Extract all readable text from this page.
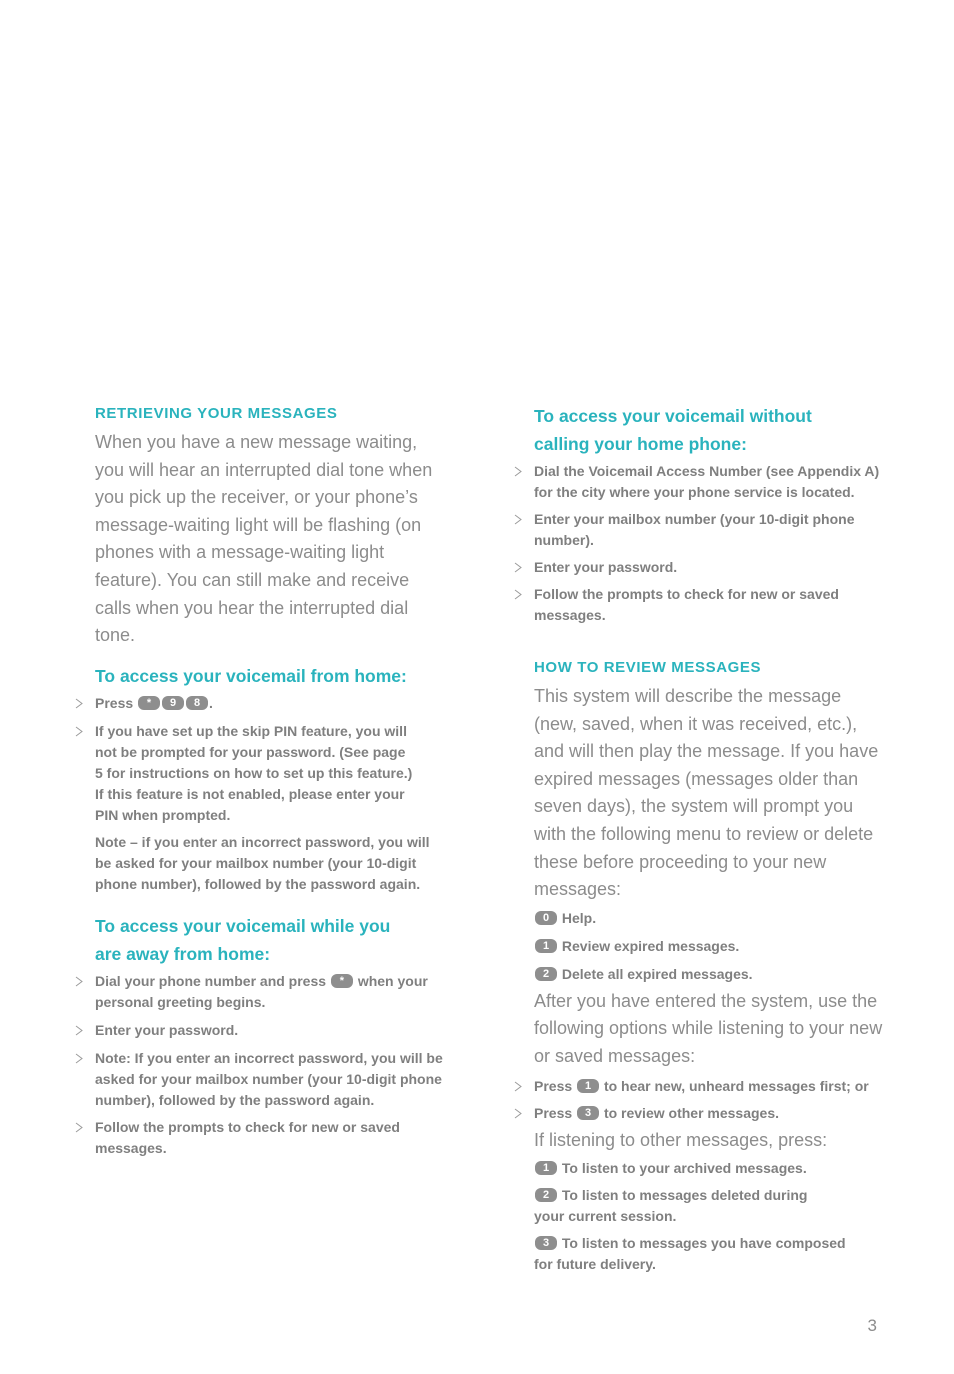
RETRIEVING YOUR MESSAGES

When you have a new message waiting, you will hear an interrupted dial tone when you pick up the receiver, or your phone’s message-waiting light will be flashing (on phones with a message-waiting light feature). You can still make and receive calls when you hear the interrupted dial tone.

To access your voicemail from home:
Press * 9 8 .
If you have set up the skip PIN feature, you will not be prompted for your password. (See page 5 for instructions on how to set up this feature.) If this feature is not enabled, please enter your PIN when prompted.

Note – if you enter an incorrect password, you will be asked for your mailbox number (your 10-digit phone number), followed by the password again.

To access your voicemail while you are away from home:
Dial your phone number and press * when your personal greeting begins.
Enter your password.
Note: If you enter an incorrect password, you will be asked for your mailbox number (your 10-digit phone number), followed by the password again.
Follow the prompts to check for new or saved messages.
To access your voicemail without calling your home phone:
Dial the Voicemail Access Number (see Appendix A) for the city where your phone service is located.
Enter your mailbox number (your 10-digit phone number).
Enter your password.
Follow the prompts to check for new or saved messages.
HOW TO REVIEW MESSAGES

This system will describe the message (new, saved, when it was received, etc.), and will then play the message. If you have expired messages (messages older than seven days), the system will prompt you with the following menu to review or delete these before proceeding to your new messages:

0 Help.
1 Review expired messages.
2 Delete all expired messages.

After you have entered the system, use the following options while listening to your new or saved messages:

Press 1 to hear new, unheard messages first; or
Press 3 to review other messages.

If listening to other messages, press:

1 To listen to your archived messages.
2 To listen to messages deleted during your current session.
3 To listen to messages you have composed for future delivery.
3
